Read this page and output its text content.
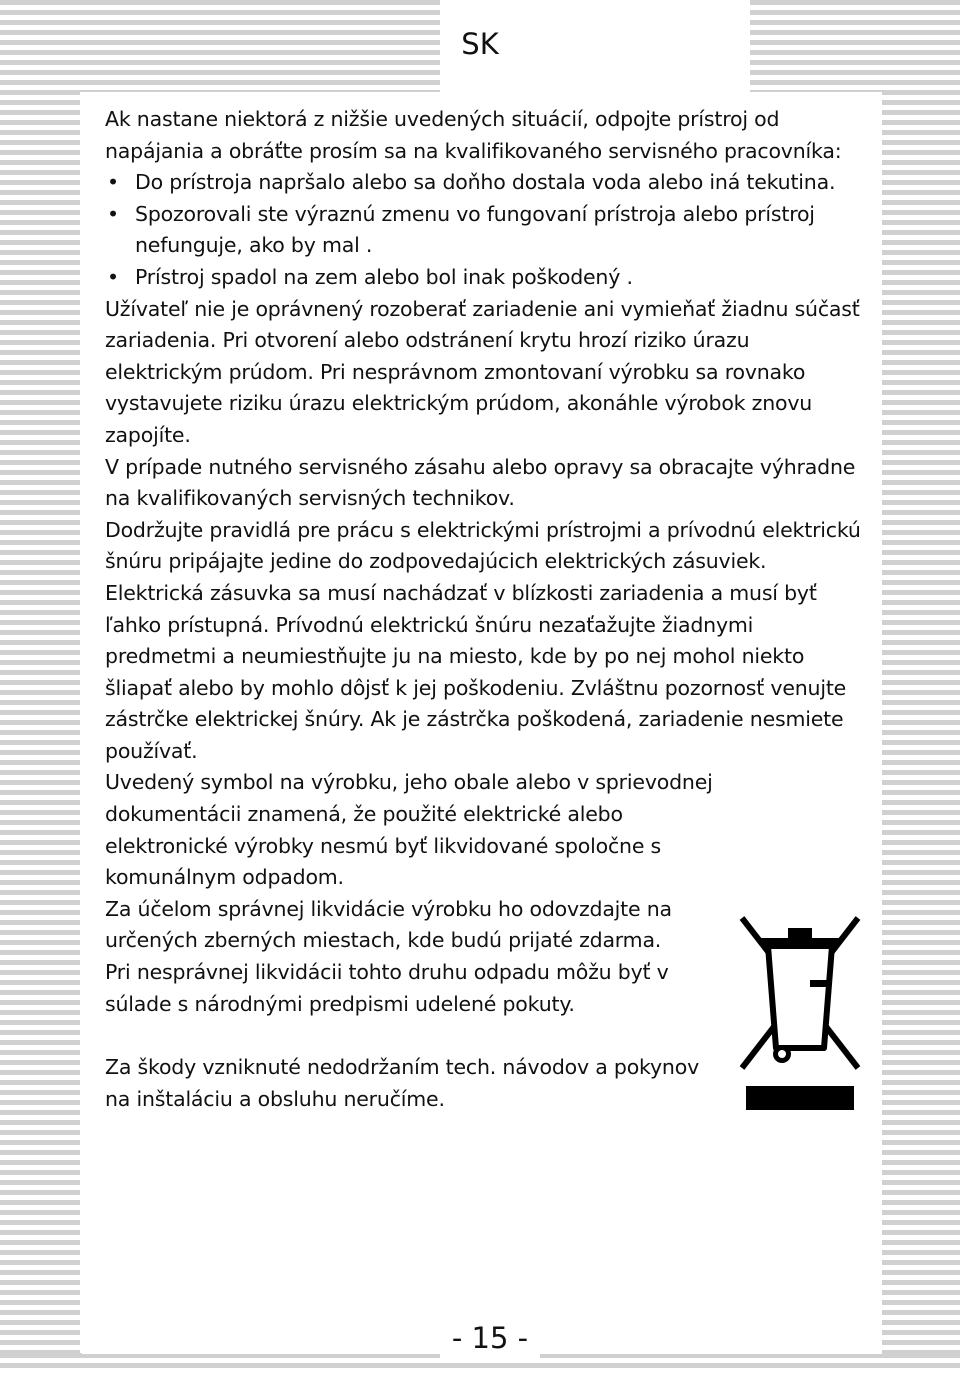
SK

Ak nastane niektorá z nižšie uvedených situácií, odpojte prístroj od napájania a obráťte prosím sa na kvalifikovaného servisného pracovníka:

• Do prístroja napršalo alebo sa doňho dostala voda alebo iná tekutina.
• Spozorovali ste výraznú zmenu vo fungovaní prístroja alebo prístroj nefunguje, ako by mal .
• Prístroj spadol na zem alebo bol inak poškodený .

Užívateľ nie je oprávnený rozoberať zariadenie ani vymieňať žiadnu súčasť zariadenia. Pri otvorení alebo odstránení krytu hrozí riziko úrazu elektrickým prúdom. Pri nesprávnom zmontovaní výrobku sa rovnako vystavujete riziku úrazu elektrickým prúdom, akonáhle výrobok znovu zapojíte.

V prípade nutného servisného zásahu alebo opravy sa obracajte výhradne na kvalifikovaných servisných technikov.

Dodržujte pravidlá pre prácu s elektrickými prístrojmi a prívodnú elektrickú šnúru pripájajte jedine do zodpovedajúcich elektrických zásuviek. Elektrická zásuvka sa musí nachádzať v blízkosti zariadenia a musí byť ľahko prístupná. Prívodnú elektrickú šnúru nezaťažujte žiadnymi predmetmi a neumiestňujte ju na miesto, kde by po nej mohol niekto šliapať alebo by mohlo dôjsť k jej poškodeniu. Zvláštnu pozornosť venujte zástrčke elektrickej šnúry. Ak je zástrčka poškodená, zariadenie nesmiete používať.

Uvedený symbol na výrobku, jeho obale alebo v sprievodnej dokumentácii znamená, že použité elektrické alebo elektronické výrobky nesmú byť likvidované spoločne s komunálnym odpadom.

Za účelom správnej likvidácie výrobku ho odovzdajte na určených zberných miestach, kde budú prijaté zdarma.

Pri nesprávnej likvidácii tohto druhu odpadu môžu byť v súlade s národnými predpismi udelené pokuty.

Za škody vzniknuté nedodržaním tech. návodov a pokynov na inštaláciu a obsluhu neručíme.

- 15 -
